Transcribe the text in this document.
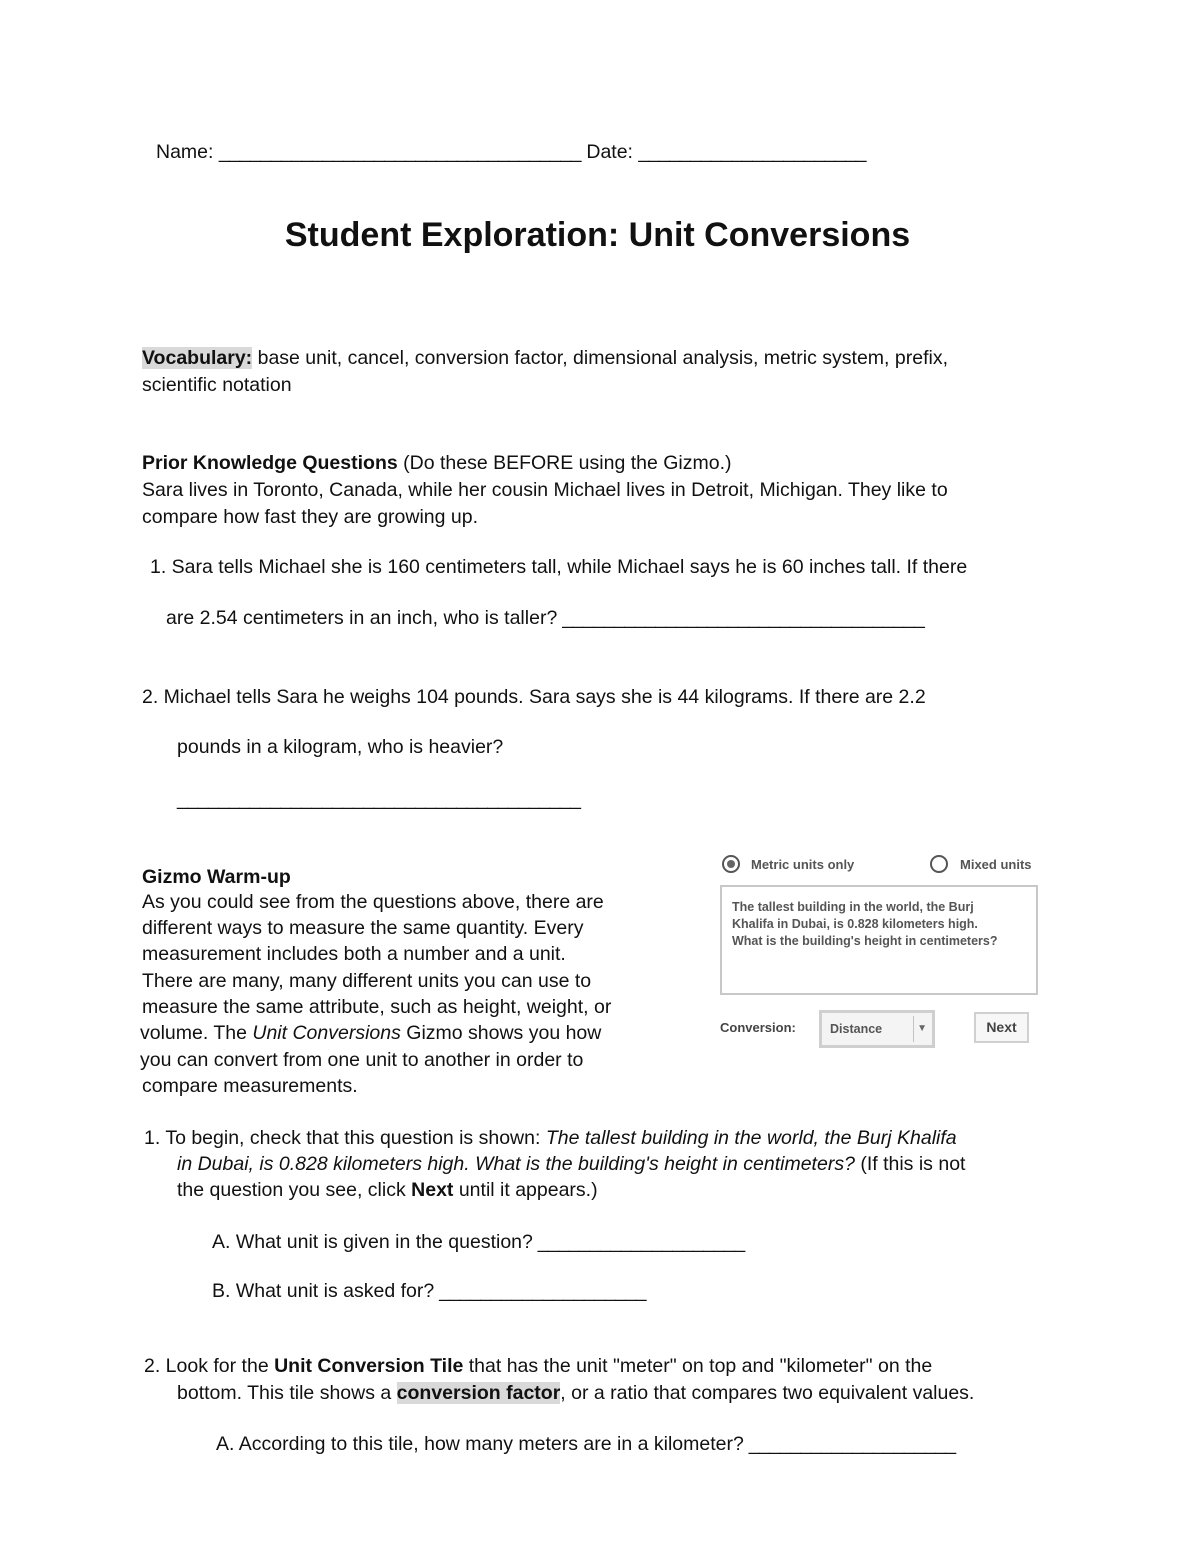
Name: ___________________________________ Date: ______________________
Student Exploration: Unit Conversions
Vocabulary: base unit, cancel, conversion factor, dimensional analysis, metric system, prefix,
scientific notation
Prior Knowledge Questions (Do these BEFORE using the Gizmo.)
Sara lives in Toronto, Canada, while her cousin Michael lives in Detroit, Michigan. They like to
compare how fast they are growing up.
1. Sara tells Michael she is 160 centimeters tall, while Michael says he is 60 inches tall. If there
are 2.54 centimeters in an inch, who is taller? ___________________________________
2. Michael tells Sara he weighs 104 pounds. Sara says she is 44 kilograms. If there are 2.2
pounds in a kilogram, who is heavier?
_______________________________________
Gizmo Warm-up
As you could see from the questions above, there are
different ways to measure the same quantity. Every
measurement includes both a number and a unit.
There are many, many different units you can use to
measure the same attribute, such as height, weight, or
volume. The Unit Conversions Gizmo shows you how
you can convert from one unit to another in order to
compare measurements.
Metric units only	Mixed units
The tallest building in the world, the Burj
Khalifa in Dubai, is 0.828 kilometers high.
What is the building's height in centimeters?
Conversion:	Distance	▼	Next
1. To begin, check that this question is shown: The tallest building in the world, the Burj Khalifa
in Dubai, is 0.828 kilometers high. What is the building's height in centimeters? (If this is not
the question you see, click Next until it appears.)
A. What unit is given in the question? ____________________
B. What unit is asked for? ____________________
2. Look for the Unit Conversion Tile that has the unit "meter" on top and "kilometer" on the
bottom. This tile shows a conversion factor, or a ratio that compares two equivalent values.
A. According to this tile, how many meters are in a kilometer? ____________________
